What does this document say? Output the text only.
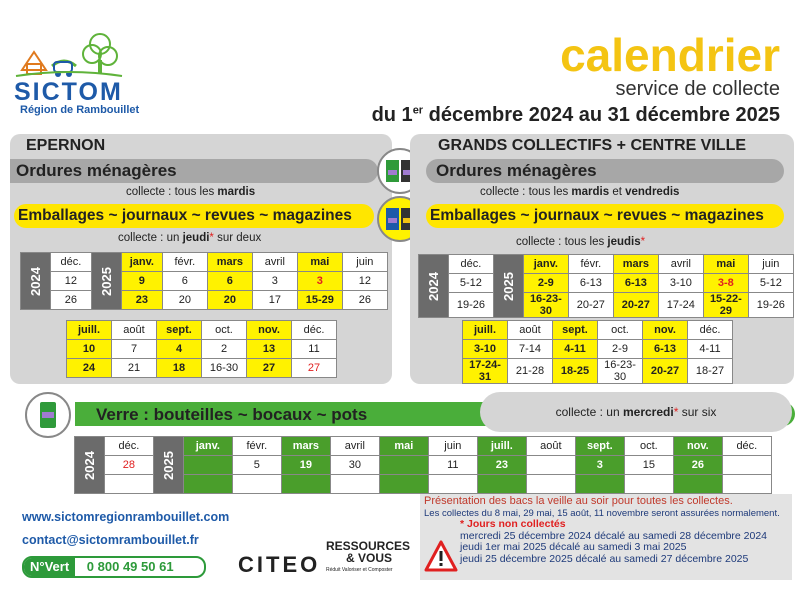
SICTOM
Région de Rambouillet
calendrier
service de collecte
du 1er décembre 2024 au 31 décembre 2025
EPERNON
Ordures ménagères
collecte : tous les mardis
Emballages ~ journaux ~ revues ~ magazines
collecte : un jeudi* sur deux
2024	déc.	2025	janv.	févr.	mars	avril	mai	juin
	12		9	6	6	3	3	12
	26		23	20	20	17	15-29	26
juill.	août	sept.	oct.	nov.	déc.
10	7	4	2	13	11
24	21	18	16-30	27	27
GRANDS COLLECTIFS + CENTRE VILLE
Ordures ménagères
collecte : tous les mardis et vendredis
Emballages ~ journaux ~ revues ~ magazines
collecte : tous les jeudis*
2024	déc.	2025	janv.	févr.	mars	avril	mai	juin
	5-12		2-9	6-13	6-13	3-10	3-8	5-12
	19-26		16-23-30	20-27	20-27	17-24	15-22-29	19-26
juill.	août	sept.	oct.	nov.	déc.
3-10	7-14	4-11	2-9	6-13	4-11
17-24-31	21-28	18-25	16-23-30	20-27	18-27
collecte : un mercredi* sur six
Verre : bouteilles ~ bocaux ~ pots
2024	déc.	2025	janv.	févr.	mars	avril	mai	juin	juill.	août	sept.	oct.	nov.	déc.
	28			5	19	30		11	23		3	15	26	

www.sictomregionrambouillet.com
contact@sictomrambouillet.fr
N°Vert 0 800 49 50 61	CITEO
RESSOURCES
& VOUS
Réduit Valoriser et Composter
Présentation des bacs la veille au soir pour toutes les collectes.
Les collectes du 8 mai, 29 mai, 15 août, 11 novembre seront assurées normalement.
* Jours non collectés
mercredi 25 décembre 2024 décalé au samedi 28 décembre 2024
jeudi 1er mai 2025 décalé au samedi 3 mai 2025
jeudi 25 décembre 2025 décalé au samedi 27 décembre 2025
